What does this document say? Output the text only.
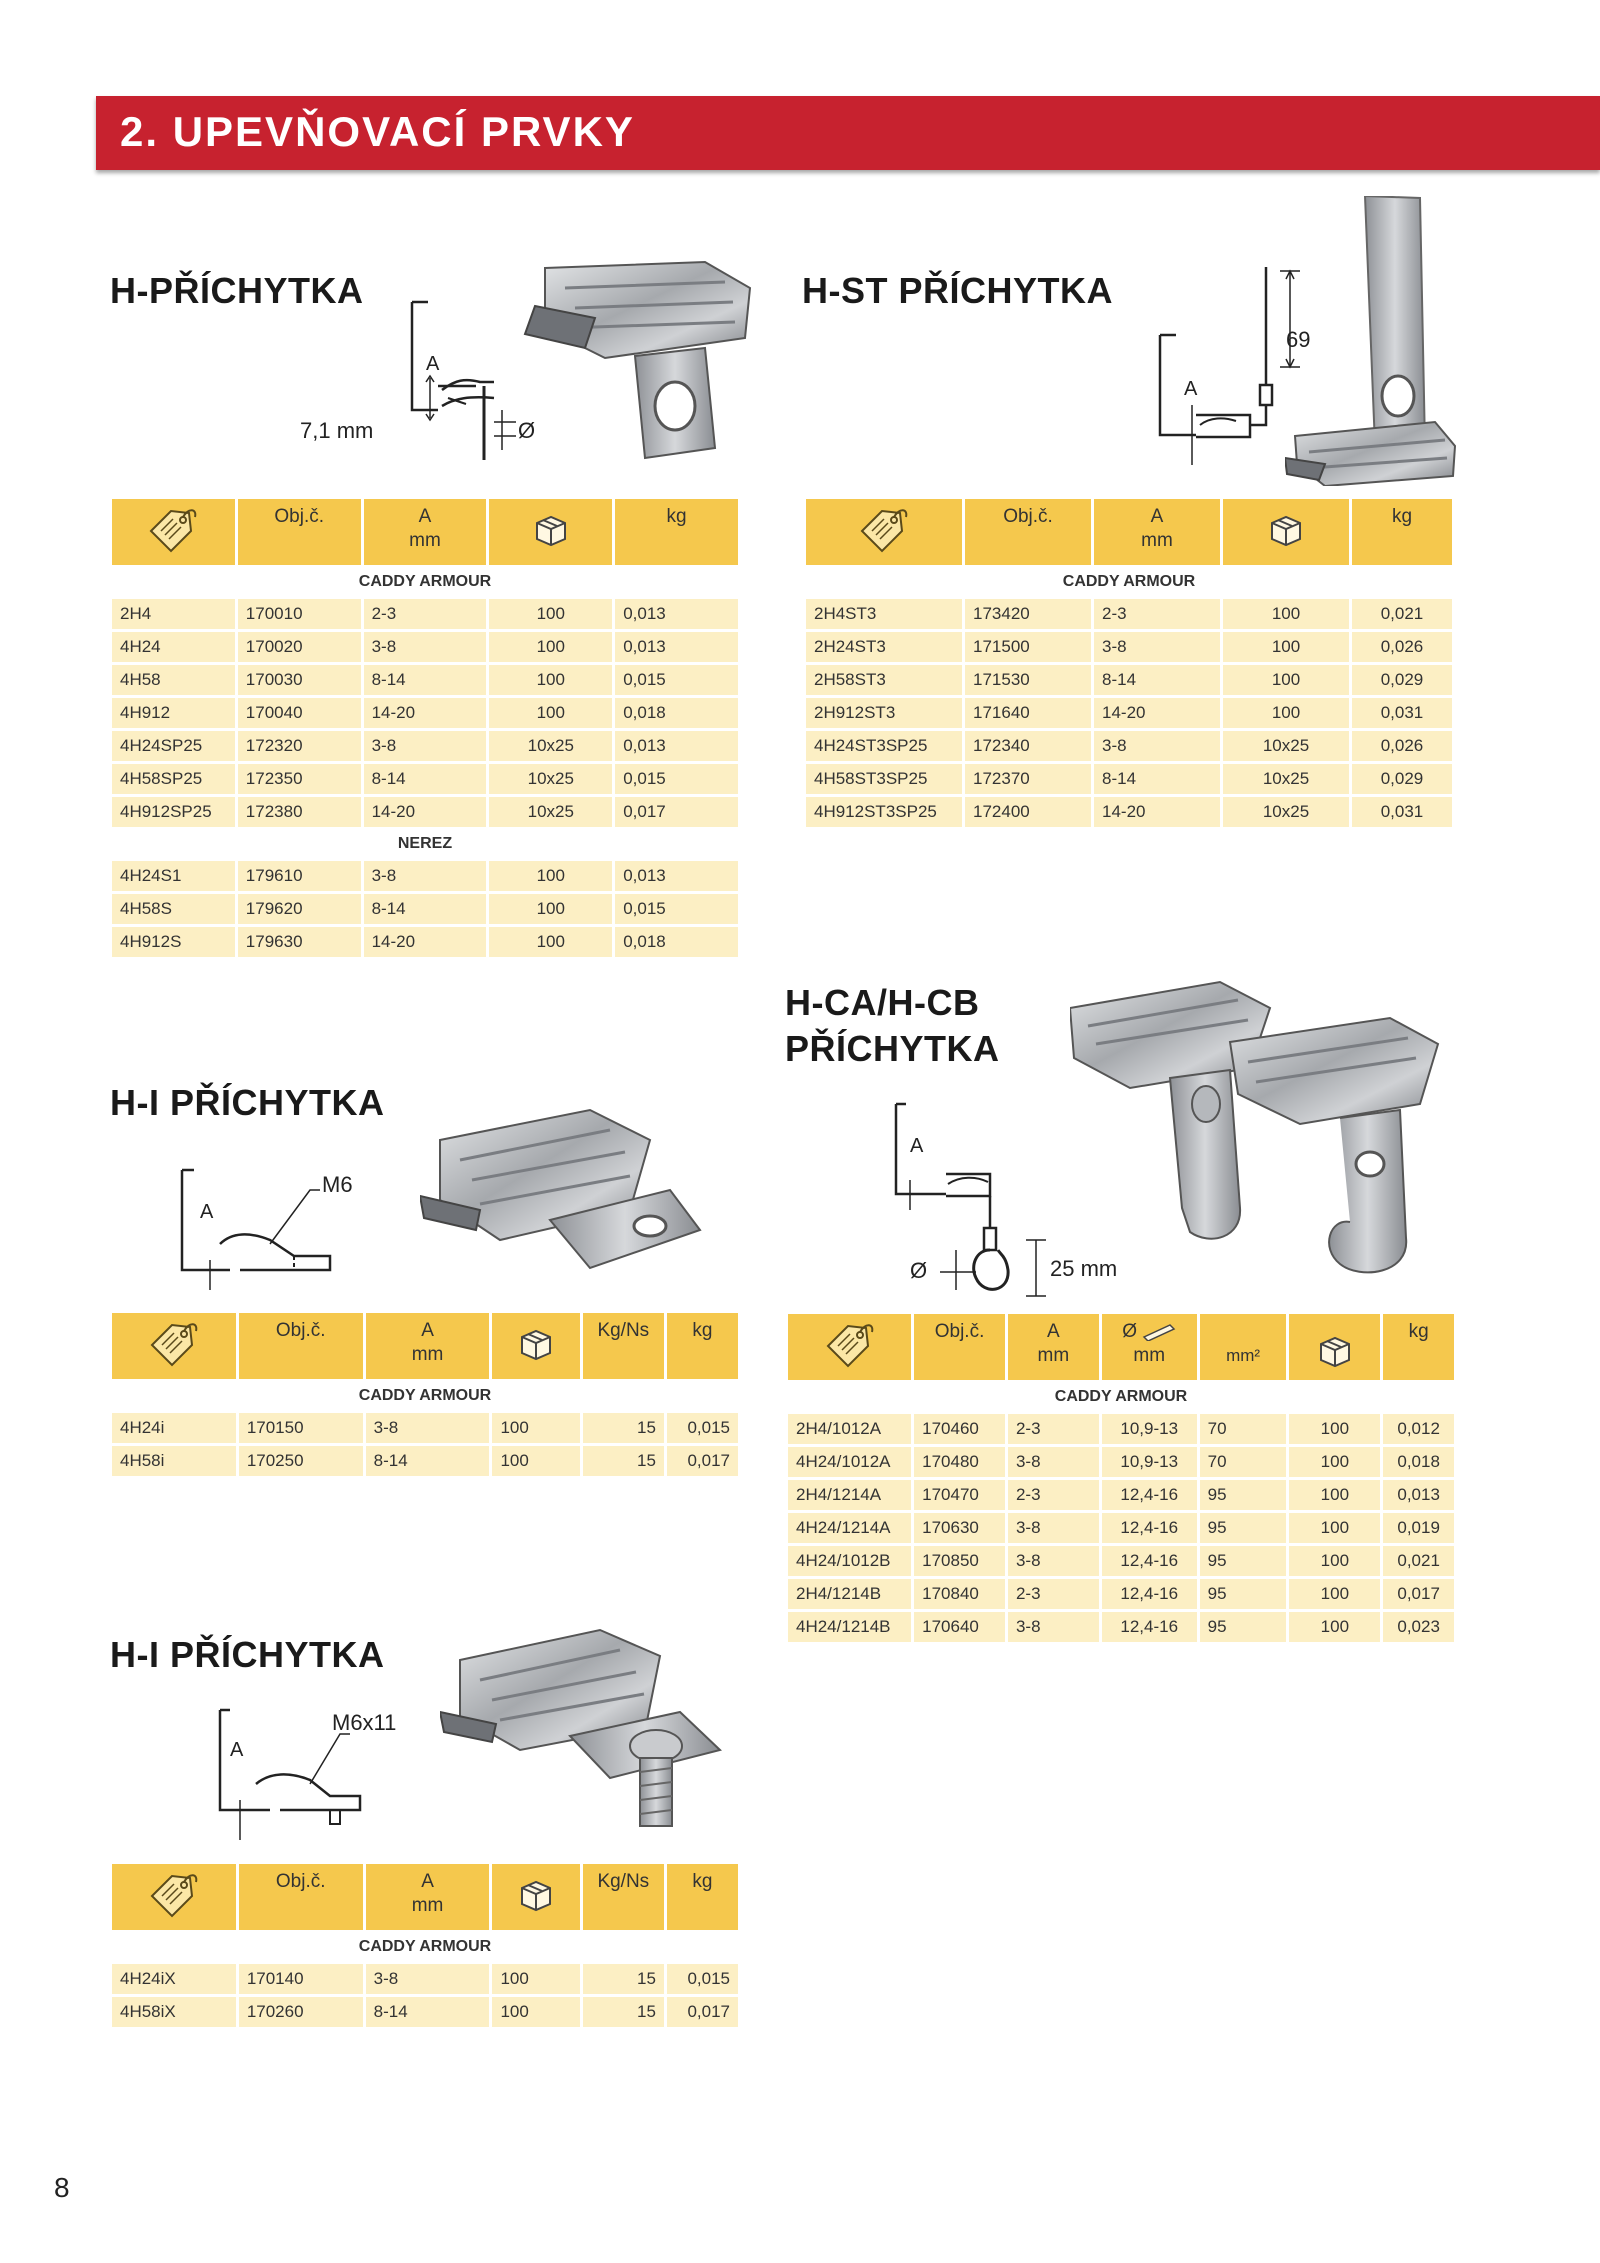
2. UPEVŇOVACÍ PRVKY
H-PŘÍCHYTKA
A
7,1 mm	Ø
	Obj.č.	A
mm		kg
CADDY ARMOUR				
2H4	170010	2-3	100	0,013
4H24	170020	3-8	100	0,013
4H58	170030	8-14	100	0,015
4H912	170040	14-20	100	0,018
4H24SP25	172320	3-8	10x25	0,013
4H58SP25	172350	8-14	10x25	0,015
4H912SP25	172380	14-20	10x25	0,017
NEREZ				
4H24S1	179610	3-8	100	0,013
4H58S	179620	8-14	100	0,015
4H912S	179630	14-20	100	0,018
H-ST PŘÍCHYTKA
A
69
	Obj.č.	A
mm		kg
CADDY ARMOUR				
2H4ST3	173420	2-3	100	0,021
2H24ST3	171500	3-8	100	0,026
2H58ST3	171530	8-14	100	0,029
2H912ST3	171640	14-20	100	0,031
4H24ST3SP25	172340	3-8	10x25	0,026
4H58ST3SP25	172370	8-14	10x25	0,029
4H912ST3SP25	172400	14-20	10x25	0,031
H-I PŘÍCHYTKA
A
M6
	Obj.č.	A
mm		Kg/Ns	kg
CADDY ARMOUR					
4H24i	170150	3-8	100	15	0,015
4H58i	170250	8-14	100	15	0,017
H-I PŘÍCHYTKA
A
M6x11
	Obj.č.	A
mm		Kg/Ns	kg
CADDY ARMOUR					
4H24iX	170140	3-8	100	15	0,015
4H58iX	170260	8-14	100	15	0,017
H-CA/H-CB
PŘÍCHYTKA
A
25 mm
Ø
	Obj.č.	A
mm	Ø
mm	mm²		kg
CADDY ARMOUR						
2H4/1012A	170460	2-3	10,9-13	70	100	0,012
4H24/1012A	170480	3-8	10,9-13	70	100	0,018
2H4/1214A	170470	2-3	12,4-16	95	100	0,013
4H24/1214A	170630	3-8	12,4-16	95	100	0,019
4H24/1012B	170850	3-8	12,4-16	95	100	0,021
2H4/1214B	170840	2-3	12,4-16	95	100	0,017
4H24/1214B	170640	3-8	12,4-16	95	100	0,023
8
